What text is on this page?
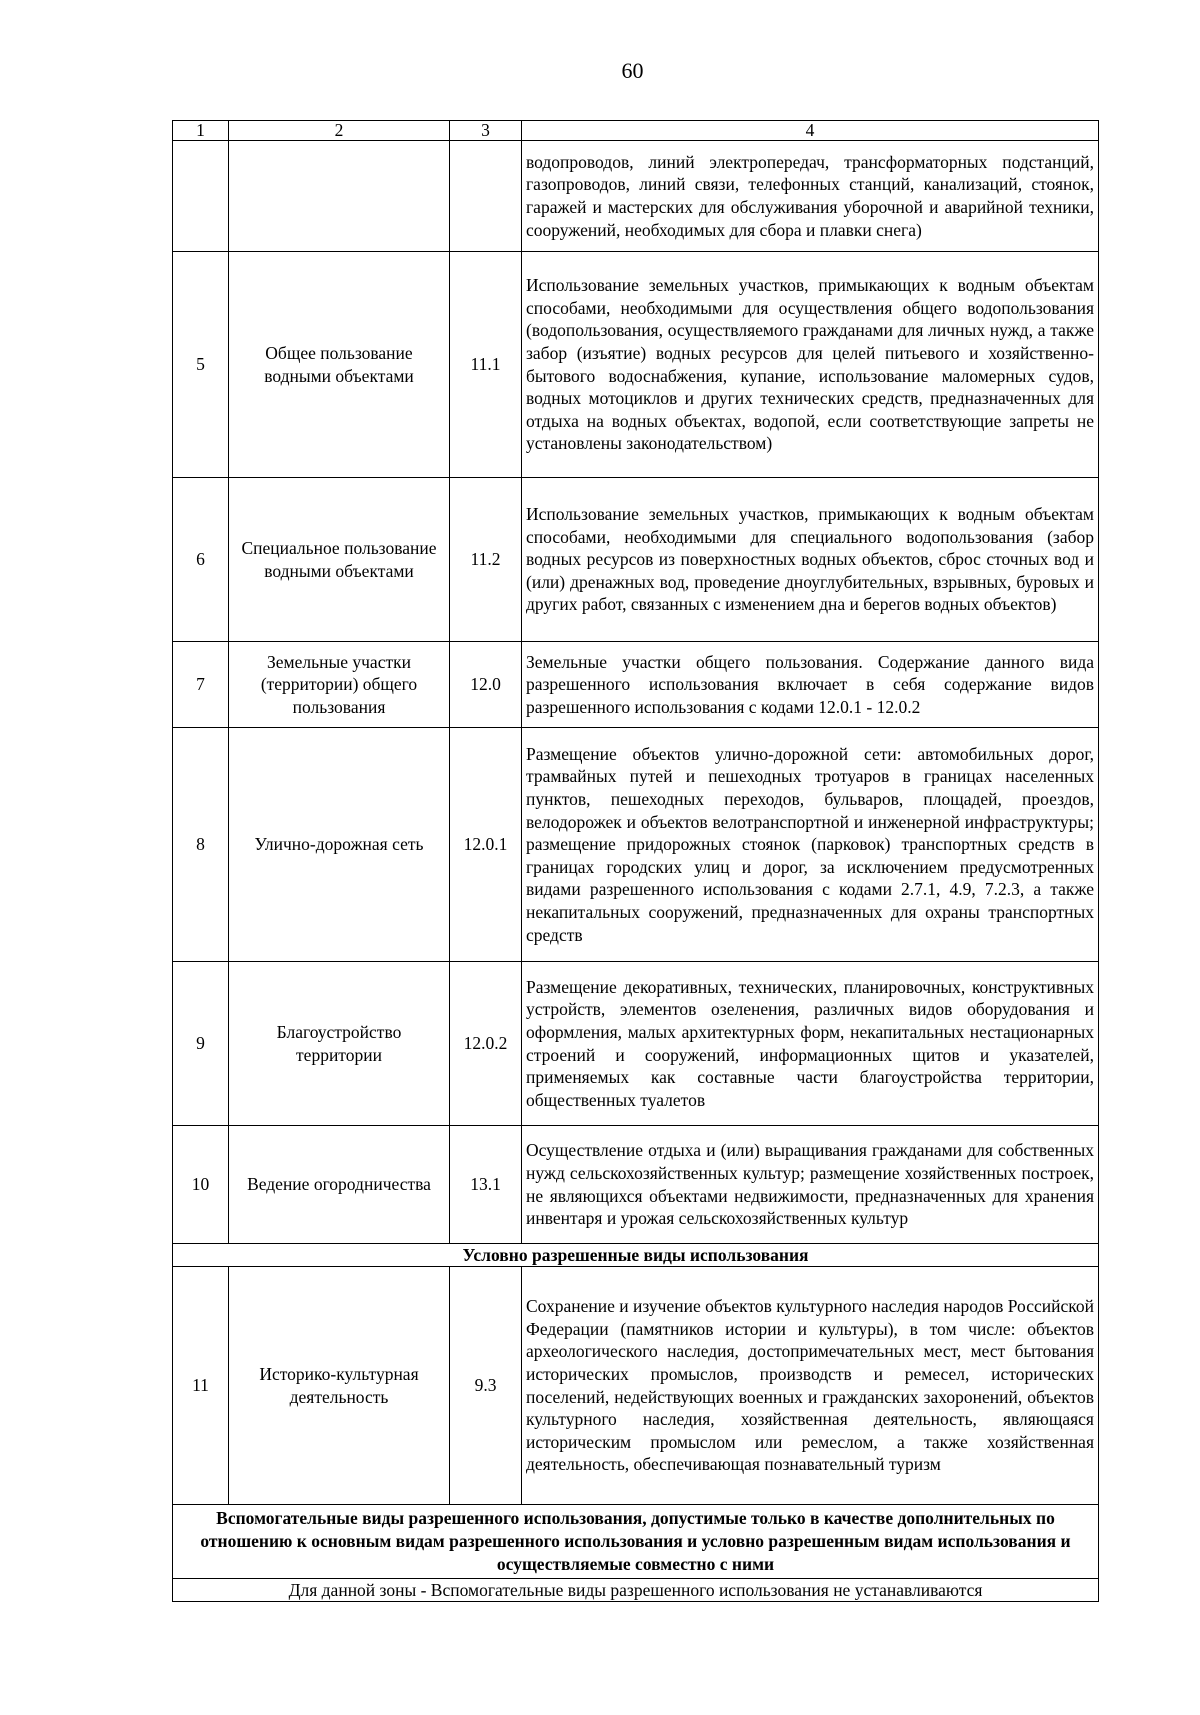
60
1	2	3	4
			водопроводов, линий электропередач, трансформаторных подстанций, газопроводов, линий связи, телефонных станций, канализаций, стоянок, гаражей и мастерских для обслуживания уборочной и аварийной техники, сооружений, необходимых для сбора и плавки снега)
5	Общее пользование водными объектами	11.1	Использование земельных участков, примыкающих к водным объектам способами, необходимыми для осуществления общего водопользования (водопользования, осуществляемого гражданами для личных нужд, а также забор (изъятие) водных ресурсов для целей питьевого и хозяйственно-бытового водоснабжения, купание, использование маломерных судов, водных мотоциклов и других технических средств, предназначенных для отдыха на водных объектах, водопой, если соответствующие запреты не установлены законодательством)
6	Специальное пользование водными объектами	11.2	Использование земельных участков, примыкающих к водным объектам способами, необходимыми для специального водопользования (забор водных ресурсов из поверхностных водных объектов, сброс сточных вод и (или) дренажных вод, проведение дноуглубительных, взрывных, буровых и других работ, связанных с изменением дна и берегов водных объектов)
7	Земельные участки (территории) общего пользования	12.0	Земельные участки общего пользования. Содержание данного вида разрешенного использования включает в себя содержание видов разрешенного использования с кодами 12.0.1 - 12.0.2
8	Улично-дорожная сеть	12.0.1	Размещение объектов улично-дорожной сети: автомобильных дорог, трамвайных путей и пешеходных тротуаров в границах населенных пунктов, пешеходных переходов, бульваров, площадей, проездов, велодорожек и объектов велотранспортной и инженерной инфраструктуры; размещение придорожных стоянок (парковок) транспортных средств в границах городских улиц и дорог, за исключением предусмотренных видами разрешенного использования с кодами 2.7.1, 4.9, 7.2.3, а также некапитальных сооружений, предназначенных для охраны транспортных средств
9	Благоустройство территории	12.0.2	Размещение декоративных, технических, планировочных, конструктивных устройств, элементов озеленения, различных видов оборудования и оформления, малых архитектурных форм, некапитальных нестационарных строений и сооружений, информационных щитов и указателей, применяемых как составные части благоустройства территории, общественных туалетов
10	Ведение огородничества	13.1	Осуществление отдыха и (или) выращивания гражданами для собственных нужд сельскохозяйственных культур; размещение хозяйственных построек, не являющихся объектами недвижимости, предназначенных для хранения инвентаря и урожая сельскохозяйственных культур
Условно разрешенные виды использования			
11	Историко-культурная деятельность	9.3	Сохранение и изучение объектов культурного наследия народов Российской Федерации (памятников истории и культуры), в том числе: объектов археологического наследия, достопримечательных мест, мест бытования исторических промыслов, производств и ремесел, исторических поселений, недействующих военных и гражданских захоронений, объектов культурного наследия, хозяйственная деятельность, являющаяся историческим промыслом или ремеслом, а также хозяйственная деятельность, обеспечивающая познавательный туризм
Вспомогательные виды разрешенного использования, допустимые только в качестве дополнительных по отношению к основным видам разрешенного использования и условно разрешенным видам использования и осуществляемые совместно с ними			
Для данной зоны - Вспомогательные виды разрешенного использования не устанавливаются			
